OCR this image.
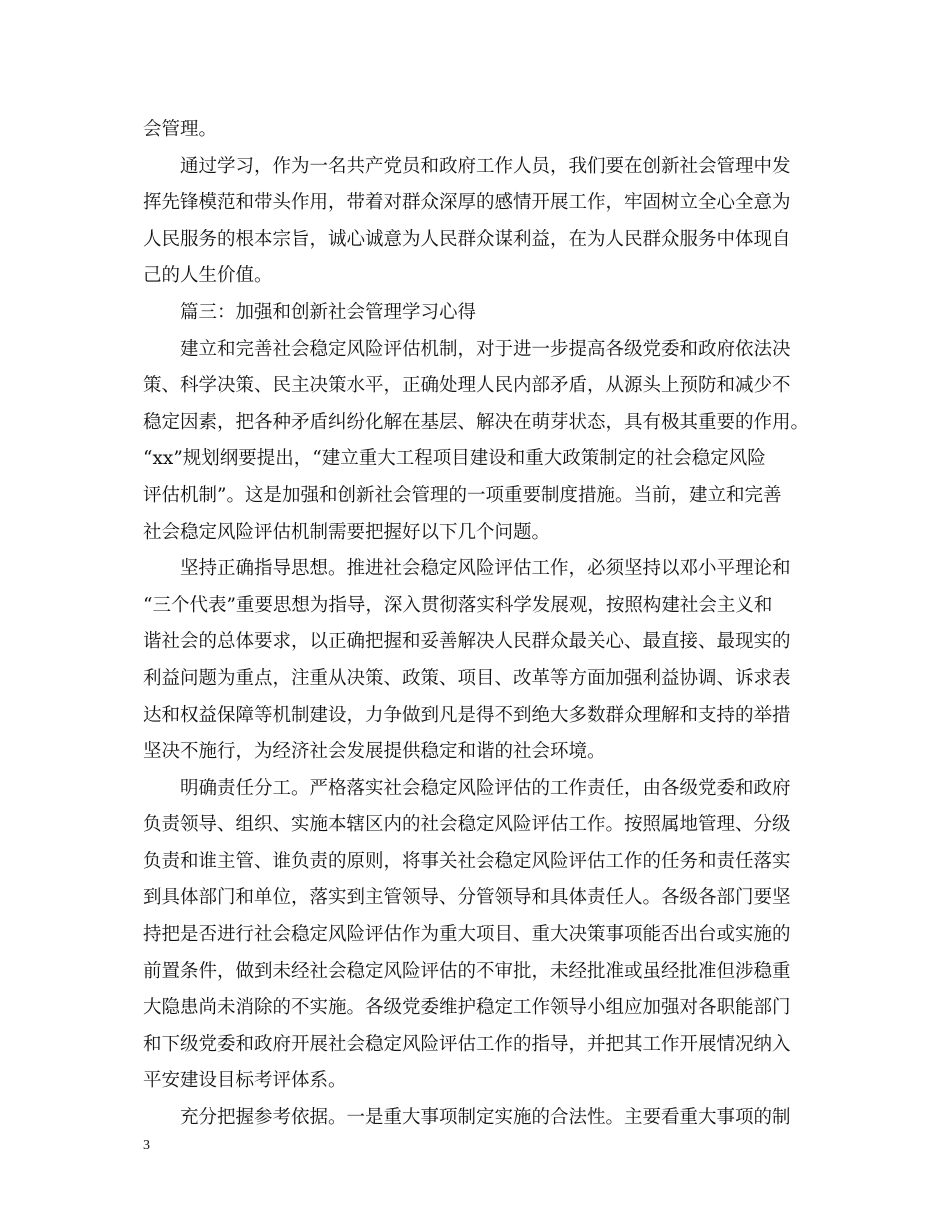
会管理。
通过学习，作为一名共产党员和政府工作人员，我们要在创新社会管理中发
挥先锋模范和带头作用，带着对群众深厚的感情开展工作，牢固树立全心全意为
人民服务的根本宗旨，诚心诚意为人民群众谋利益，在为人民群众服务中体现自
己的人生价值。
篇三：加强和创新社会管理学习心得
建立和完善社会稳定风险评估机制，对于进一步提高各级党委和政府依法决
策、科学决策、民主决策水平，正确处理人民内部矛盾，从源头上预防和减少不
稳定因素，把各种矛盾纠纷化解在基层、解决在萌芽状态，具有极其重要的作用。
“xx”规划纲要提出，“建立重大工程项目建设和重大政策制定的社会稳定风险
评估机制”。这是加强和创新社会管理的一项重要制度措施。当前，建立和完善
社会稳定风险评估机制需要把握好以下几个问题。
坚持正确指导思想。推进社会稳定风险评估工作，必须坚持以邓小平理论和
“三个代表”重要思想为指导，深入贯彻落实科学发展观，按照构建社会主义和
谐社会的总体要求，以正确把握和妥善解决人民群众最关心、最直接、最现实的
利益问题为重点，注重从决策、政策、项目、改革等方面加强利益协调、诉求表
达和权益保障等机制建设，力争做到凡是得不到绝大多数群众理解和支持的举措
坚决不施行，为经济社会发展提供稳定和谐的社会环境。
明确责任分工。严格落实社会稳定风险评估的工作责任，由各级党委和政府
负责领导、组织、实施本辖区内的社会稳定风险评估工作。按照属地管理、分级
负责和谁主管、谁负责的原则，将事关社会稳定风险评估工作的任务和责任落实
到具体部门和单位，落实到主管领导、分管领导和具体责任人。各级各部门要坚
持把是否进行社会稳定风险评估作为重大项目、重大决策事项能否出台或实施的
前置条件，做到未经社会稳定风险评估的不审批，未经批准或虽经批准但涉稳重
大隐患尚未消除的不实施。各级党委维护稳定工作领导小组应加强对各职能部门
和下级党委和政府开展社会稳定风险评估工作的指导，并把其工作开展情况纳入
平安建设目标考评体系。
充分把握参考依据。一是重大事项制定实施的合法性。主要看重大事项的制
3
